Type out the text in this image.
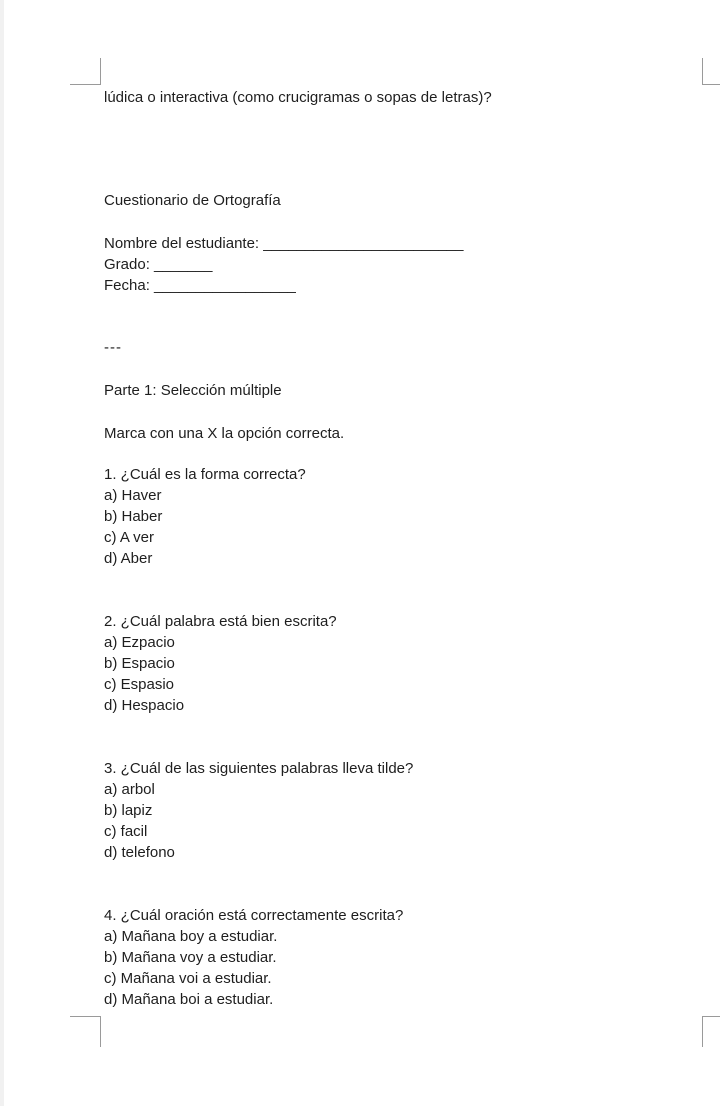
lúdica o interactiva (como crucigramas o sopas de letras)?
Cuestionario de Ortografía
Nombre del estudiante: ________________________
Grado: _______
Fecha: _________________
---
Parte 1: Selección múltiple
Marca con una X la opción correcta.
1. ¿Cuál es la forma correcta?
a) Haver
b) Haber
c) A ver
d) Aber
2. ¿Cuál palabra está bien escrita?
a) Ezpacio
b) Espacio
c) Espasio
d) Hespacio
3. ¿Cuál de las siguientes palabras lleva tilde?
a) arbol
b) lapiz
c) facil
d) telefono
4. ¿Cuál oración está correctamente escrita?
a) Mañana boy a estudiar.
b) Mañana voy a estudiar.
c) Mañana voi a estudiar.
d) Mañana boi a estudiar.
